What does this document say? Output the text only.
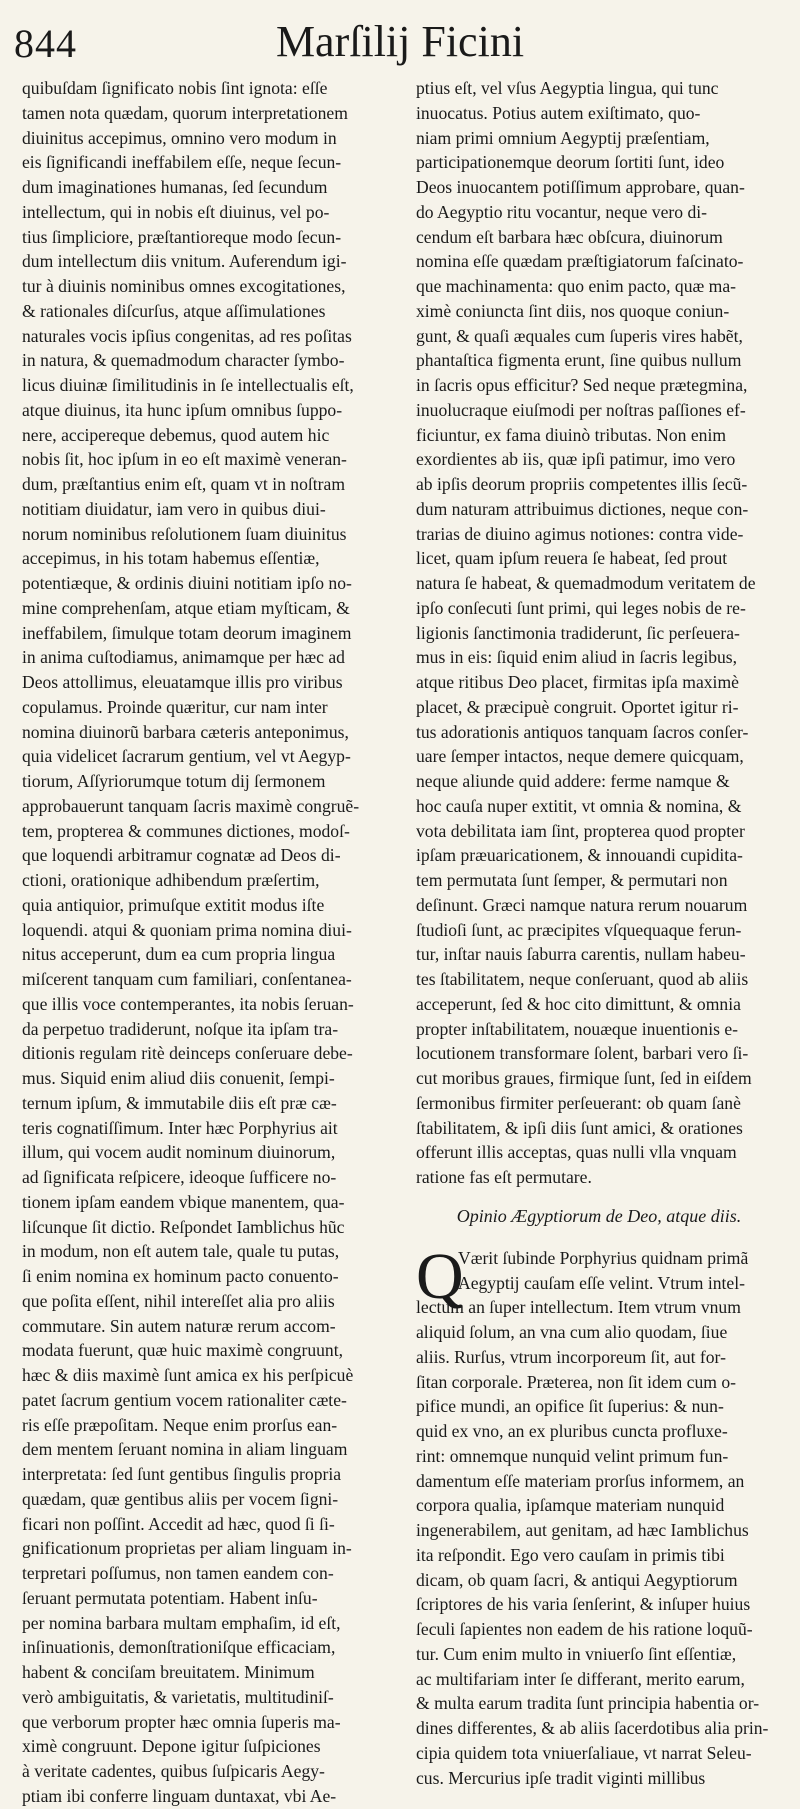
844	Marſilij Ficini
quibuſdam ſignificato nobis ſint ignota: eſſe
tamen nota quædam, quorum interpretationem
diuinitus accepimus, omnino vero modum in
eis ſignificandi ineffabilem eſſe, neque ſecun-
dum imaginationes humanas, ſed ſecundum
intellectum, qui in nobis eſt diuinus, vel po-
tius ſimpliciore, præſtantioreque modo ſecun-
dum intellectum diis vnitum. Auferendum igi-
tur à diuinis nominibus omnes excogitationes,
& rationales diſcurſus, atque aſſimulationes
naturales vocis ipſius congenitas, ad res poſitas
in natura, & quemadmodum character ſymbo-
licus diuinæ ſimilitudinis in ſe intellectualis eſt,
atque diuinus, ita hunc ipſum omnibus ſuppo-
nere, accipereque debemus, quod autem hic
nobis ſit, hoc ipſum in eo eſt maximè veneran-
dum, præſtantius enim eſt, quam vt in noſtram
notitiam diuidatur, iam vero in quibus diui-
norum nominibus reſolutionem ſuam diuinitus
accepimus, in his totam habemus eſſentiæ,
potentiæque, & ordinis diuini notitiam ipſo no-
mine comprehenſam, atque etiam myſticam, &
ineffabilem, ſimulque totam deorum imaginem
in anima cuſtodiamus, animamque per hæc ad
Deos attollimus, eleuatamque illis pro viribus
copulamus. Proinde quæritur, cur nam inter
nomina diuinorũ barbara cæteris anteponimus,
quia videlicet ſacrarum gentium, vel vt Aegyp-
tiorum, Aſſyriorumque totum dij ſermonem
approbauerunt tanquam ſacris maximè congruẽ-
tem, propterea & communes dictiones, modoſ-
que loquendi arbitramur cognatæ ad Deos di-
ctioni, orationique adhibendum præſertim,
quia antiquior, primuſque extitit modus iſte
loquendi. atqui & quoniam prima nomina diui-
nitus acceperunt, dum ea cum propria lingua
miſcerent tanquam cum familiari, conſentanea-
que illis voce contemperantes, ita nobis ſeruan-
da perpetuo tradiderunt, noſque ita ipſam tra-
ditionis regulam ritè deinceps conſeruare debe-
mus. Siquid enim aliud diis conuenit, ſempi-
ternum ipſum, & immutabile diis eſt præ cæ-
teris cognatiſſimum. Inter hæc Porphyrius ait
illum, qui vocem audit nominum diuinorum,
ad ſignificata reſpicere, ideoque ſufficere no-
tionem ipſam eandem vbique manentem, qua-
liſcunque ſit dictio. Reſpondet Iamblichus hũc
in modum, non eſt autem tale, quale tu putas,
ſi enim nomina ex hominum pacto conuento-
que poſita eſſent, nihil intereſſet alia pro aliis
commutare. Sin autem naturæ rerum accom-
modata fuerunt, quæ huic maximè congruunt,
hæc & diis maximè ſunt amica ex his perſpicuè
patet ſacrum gentium vocem rationaliter cæte-
ris eſſe præpoſitam. Neque enim prorſus ean-
dem mentem ſeruant nomina in aliam linguam
interpretata: ſed ſunt gentibus ſingulis propria
quædam, quæ gentibus aliis per vocem ſigni-
ficari non poſſint. Accedit ad hæc, quod ſi ſi-
gnificationum proprietas per aliam linguam in-
terpretari poſſumus, non tamen eandem con-
ſeruant permutata potentiam. Habent inſu-
per nomina barbara multam emphaſim, id eſt,
inſinuationis, demonſtrationiſque efficaciam,
habent & conciſam breuitatem. Minimum
verò ambiguitatis, & varietatis, multitudiniſ-
que verborum propter hæc omnia ſuperis ma-
ximè congruunt. Depone igitur ſuſpiciones
à veritate cadentes, quibus ſuſpicaris Aegy-
ptiam ibi conferre linguam duntaxat, vbi Ae-
ptius eſt, vel vſus Aegyptia lingua, qui tunc
inuocatus. Potius autem exiſtimato, quo-
niam primi omnium Aegyptij præſentiam,
participationemque deorum ſortiti ſunt, ideo
Deos inuocantem potiſſimum approbare, quan-
do Aegyptio ritu vocantur, neque vero di-
cendum eſt barbara hæc obſcura, diuinorum
nomina eſſe quædam præſtigiatorum faſcinato-
que machinamenta: quo enim pacto, quæ ma-
ximè coniuncta ſint diis, nos quoque coniun-
gunt, & quaſi æquales cum ſuperis vires habẽt,
phantaſtica figmenta erunt, ſine quibus nullum
in ſacris opus efficitur? Sed neque prætegmina,
inuolucraque eiuſmodi per noſtras paſſiones ef-
ficiuntur, ex fama diuinò tributas. Non enim
exordientes ab iis, quæ ipſi patimur, imo vero
ab ipſis deorum propriis competentes illis ſecũ-
dum naturam attribuimus dictiones, neque con-
trarias de diuino agimus notiones: contra vide-
licet, quam ipſum reuera ſe habeat, ſed prout
natura ſe habeat, & quemadmodum veritatem de
ipſo conſecuti ſunt primi, qui leges nobis de re-
ligionis ſanctimonia tradiderunt, ſic perſeuera-
mus in eis: ſiquid enim aliud in ſacris legibus,
atque ritibus Deo placet, firmitas ipſa maximè
placet, & præcipuè congruit. Oportet igitur ri-
tus adorationis antiquos tanquam ſacros conſer-
uare ſemper intactos, neque demere quicquam,
neque aliunde quid addere: ferme namque &
hoc cauſa nuper extitit, vt omnia & nomina, &
vota debilitata iam ſint, propterea quod propter
ipſam præuaricationem, & innouandi cupidita-
tem permutata ſunt ſemper, & permutari non
deſinunt. Græci namque natura rerum nouarum
ſtudioſi ſunt, ac præcipites vſquequaque ferun-
tur, inſtar nauis ſaburra carentis, nullam habeu-
tes ſtabilitatem, neque conſeruant, quod ab aliis
acceperunt, ſed & hoc cito dimittunt, & omnia
propter inſtabilitatem, nouæque inuentionis e-
locutionem transformare ſolent, barbari vero ſi-
cut moribus graues, firmique ſunt, ſed in eiſdem
ſermonibus firmiter perſeuerant: ob quam ſanè
ſtabilitatem, & ipſi diis ſunt amici, & orationes
offerunt illis acceptas, quas nulli vlla vnquam
ratione fas eſt permutare.
Opinio Ægyptiorum de Deo, atque diis.
Q
Værit ſubinde Porphyrius quidnam primã
Aegyptij cauſam eſſe velint. Vtrum intel-
lectum an ſuper intellectum. Item vtrum vnum
aliquid ſolum, an vna cum alio quodam, ſiue
aliis. Rurſus, vtrum incorporeum ſit, aut for-
ſitan corporale. Præterea, non ſit idem cum o-
pifice mundi, an opifice ſit ſuperius: & nun-
quid ex vno, an ex pluribus cuncta profluxe-
rint: omnemque nunquid velint primum fun-
damentum eſſe materiam prorſus informem, an
corpora qualia, ipſamque materiam nunquid
ingenerabilem, aut genitam, ad hæc Iamblichus
ita reſpondit. Ego vero cauſam in primis tibi
dicam, ob quam ſacri, & antiqui Aegyptiorum
ſcriptores de his varia ſenſerint, & inſuper huius
ſeculi ſapientes non eadem de his ratione loquũ-
tur. Cum enim multo in vniuerſo ſint eſſentiæ,
ac multifariam inter ſe differant, merito earum,
& multa earum tradita ſunt principia habentia or-
dines differentes, & ab aliis ſacerdotibus alia prin-
cipia quidem tota vniuerſaliaue, vt narrat Seleu-
cus. Mercurius ipſe tradit viginti millibus
